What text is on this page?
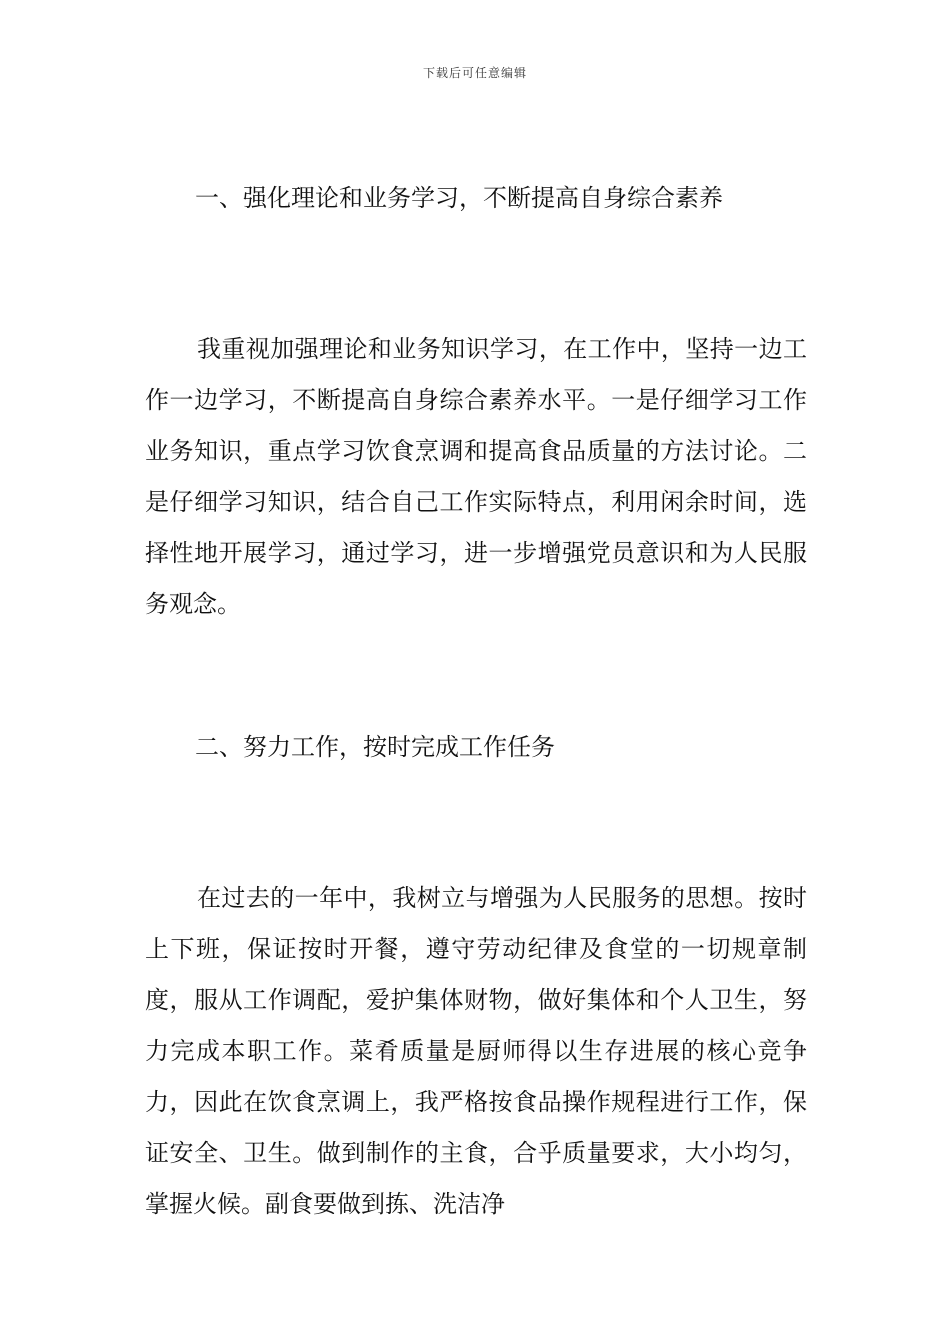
下载后可任意编辑
一、强化理论和业务学习，不断提高自身综合素养

我重视加强理论和业务知识学习，在工作中，坚持一边工作一边学习，不断提高自身综合素养水平。一是仔细学习工作业务知识，重点学习饮食烹调和提高食品质量的方法讨论。二是仔细学习知识，结合自己工作实际特点，利用闲余时间，选择性地开展学习，通过学习，进一步增强党员意识和为人民服务观念。

二、努力工作，按时完成工作任务

在过去的一年中，我树立与增强为人民服务的思想。按时上下班，保证按时开餐，遵守劳动纪律及食堂的一切规章制度，服从工作调配，爱护集体财物，做好集体和个人卫生，努力完成本职工作。菜肴质量是厨师得以生存进展的核心竞争力，因此在饮食烹调上，我严格按食品操作规程进行工作，保证安全、卫生。做到制作的主食，合乎质量要求，大小均匀，掌握火候。副食要做到拣、洗洁净
